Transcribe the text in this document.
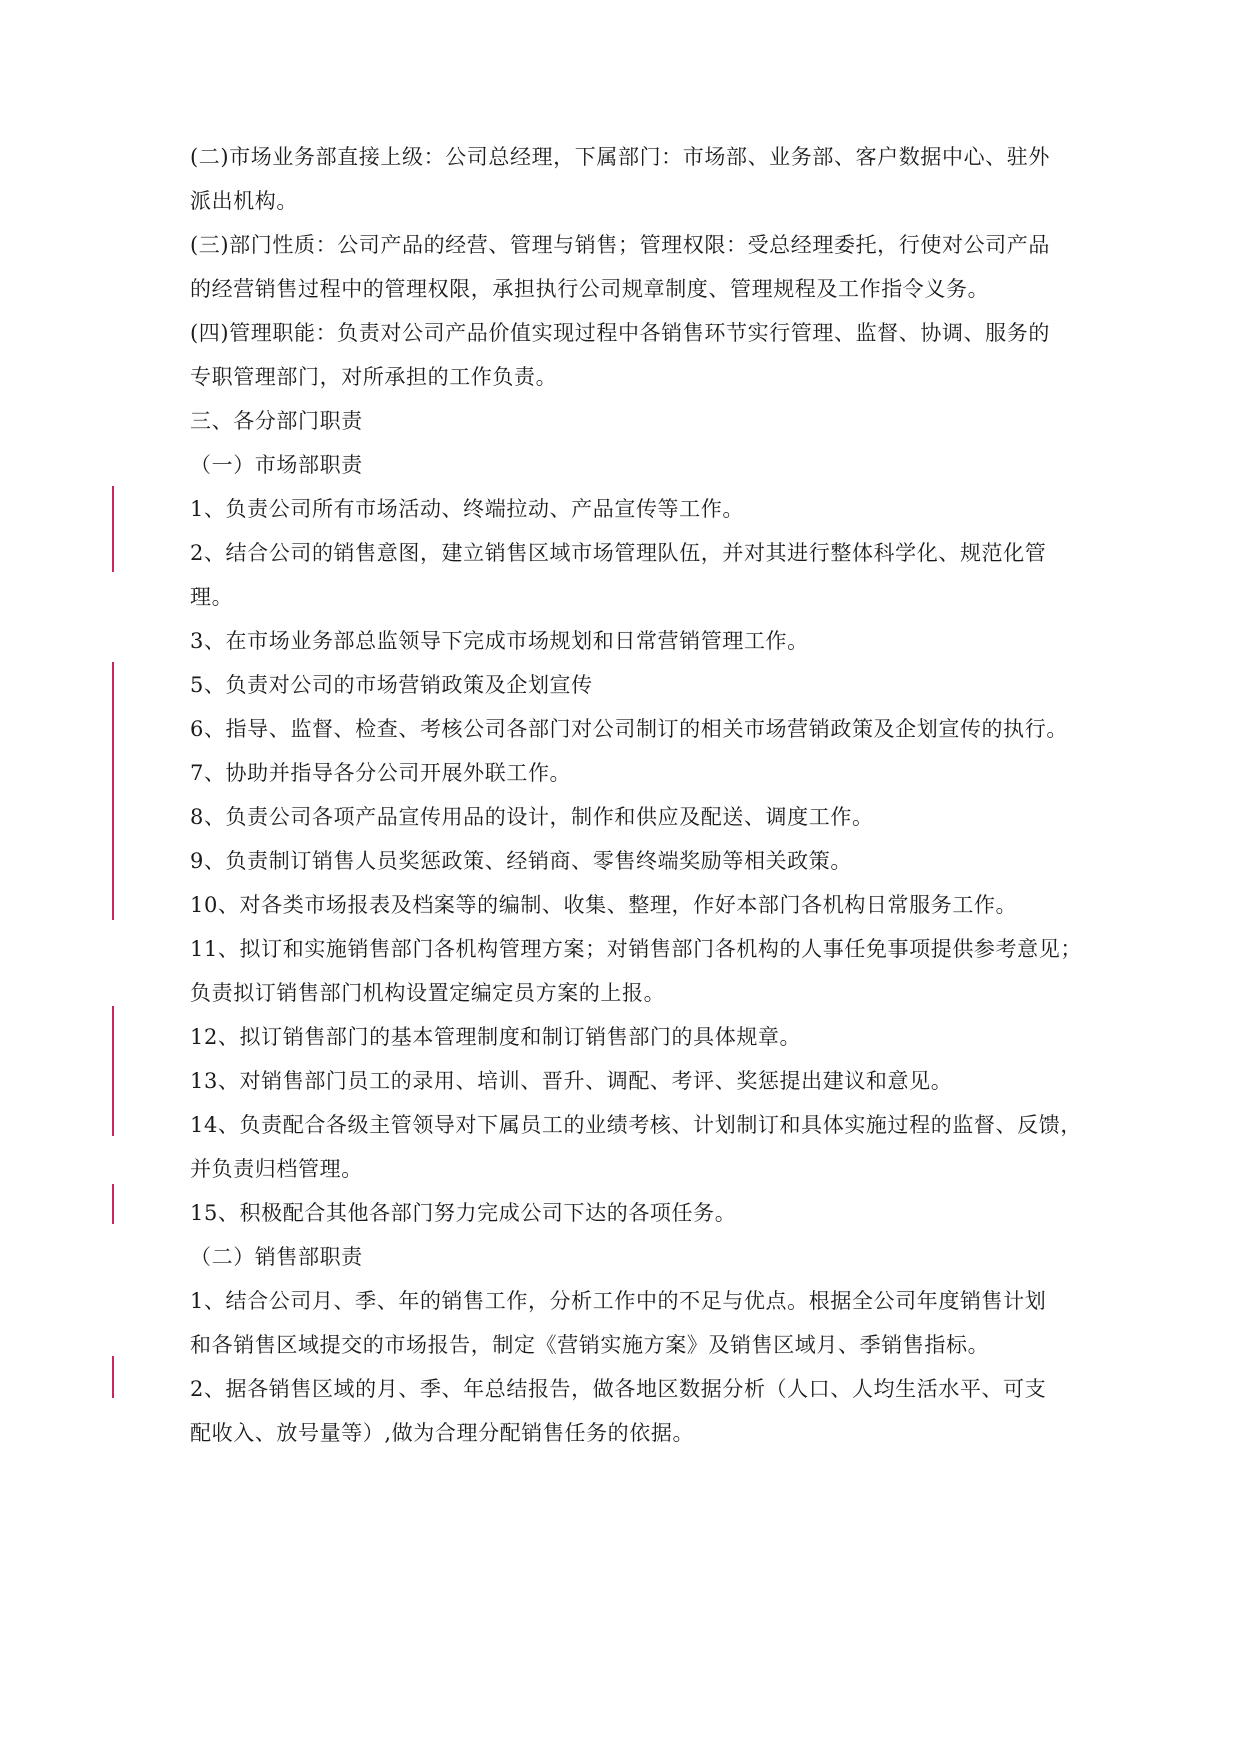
(二)市场业务部直接上级：公司总经理，下属部门：市场部、业务部、客户数据中心、驻外
派出机构。
(三)部门性质：公司产品的经营、管理与销售；管理权限：受总经理委托，行使对公司产品
的经营销售过程中的管理权限，承担执行公司规章制度、管理规程及工作指令义务。
(四)管理职能：负责对公司产品价值实现过程中各销售环节实行管理、监督、协调、服务的
专职管理部门，对所承担的工作负责。
三、各分部门职责
（一）市场部职责
1、负责公司所有市场活动、终端拉动、产品宣传等工作。
2、结合公司的销售意图，建立销售区域市场管理队伍，并对其进行整体科学化、规范化管
理。
3、在市场业务部总监领导下完成市场规划和日常营销管理工作。
5、负责对公司的市场营销政策及企划宣传
6、指导、监督、检查、考核公司各部门对公司制订的相关市场营销政策及企划宣传的执行。
7、协助并指导各分公司开展外联工作。
8、负责公司各项产品宣传用品的设计，制作和供应及配送、调度工作。
9、负责制订销售人员奖惩政策、经销商、零售终端奖励等相关政策。
10、对各类市场报表及档案等的编制、收集、整理，作好本部门各机构日常服务工作。
11、拟订和实施销售部门各机构管理方案；对销售部门各机构的人事任免事项提供参考意见；
负责拟订销售部门机构设置定编定员方案的上报。
12、拟订销售部门的基本管理制度和制订销售部门的具体规章。
13、对销售部门员工的录用、培训、晋升、调配、考评、奖惩提出建议和意见。
14、负责配合各级主管领导对下属员工的业绩考核、计划制订和具体实施过程的监督、反馈，
并负责归档管理。
15、积极配合其他各部门努力完成公司下达的各项任务。
（二）销售部职责
1、结合公司月、季、年的销售工作，分析工作中的不足与优点。根据全公司年度销售计划
和各销售区域提交的市场报告，制定《营销实施方案》及销售区域月、季销售指标。
2、据各销售区域的月、季、年总结报告，做各地区数据分析（人口、人均生活水平、可支
配收入、放号量等）,做为合理分配销售任务的依据。
